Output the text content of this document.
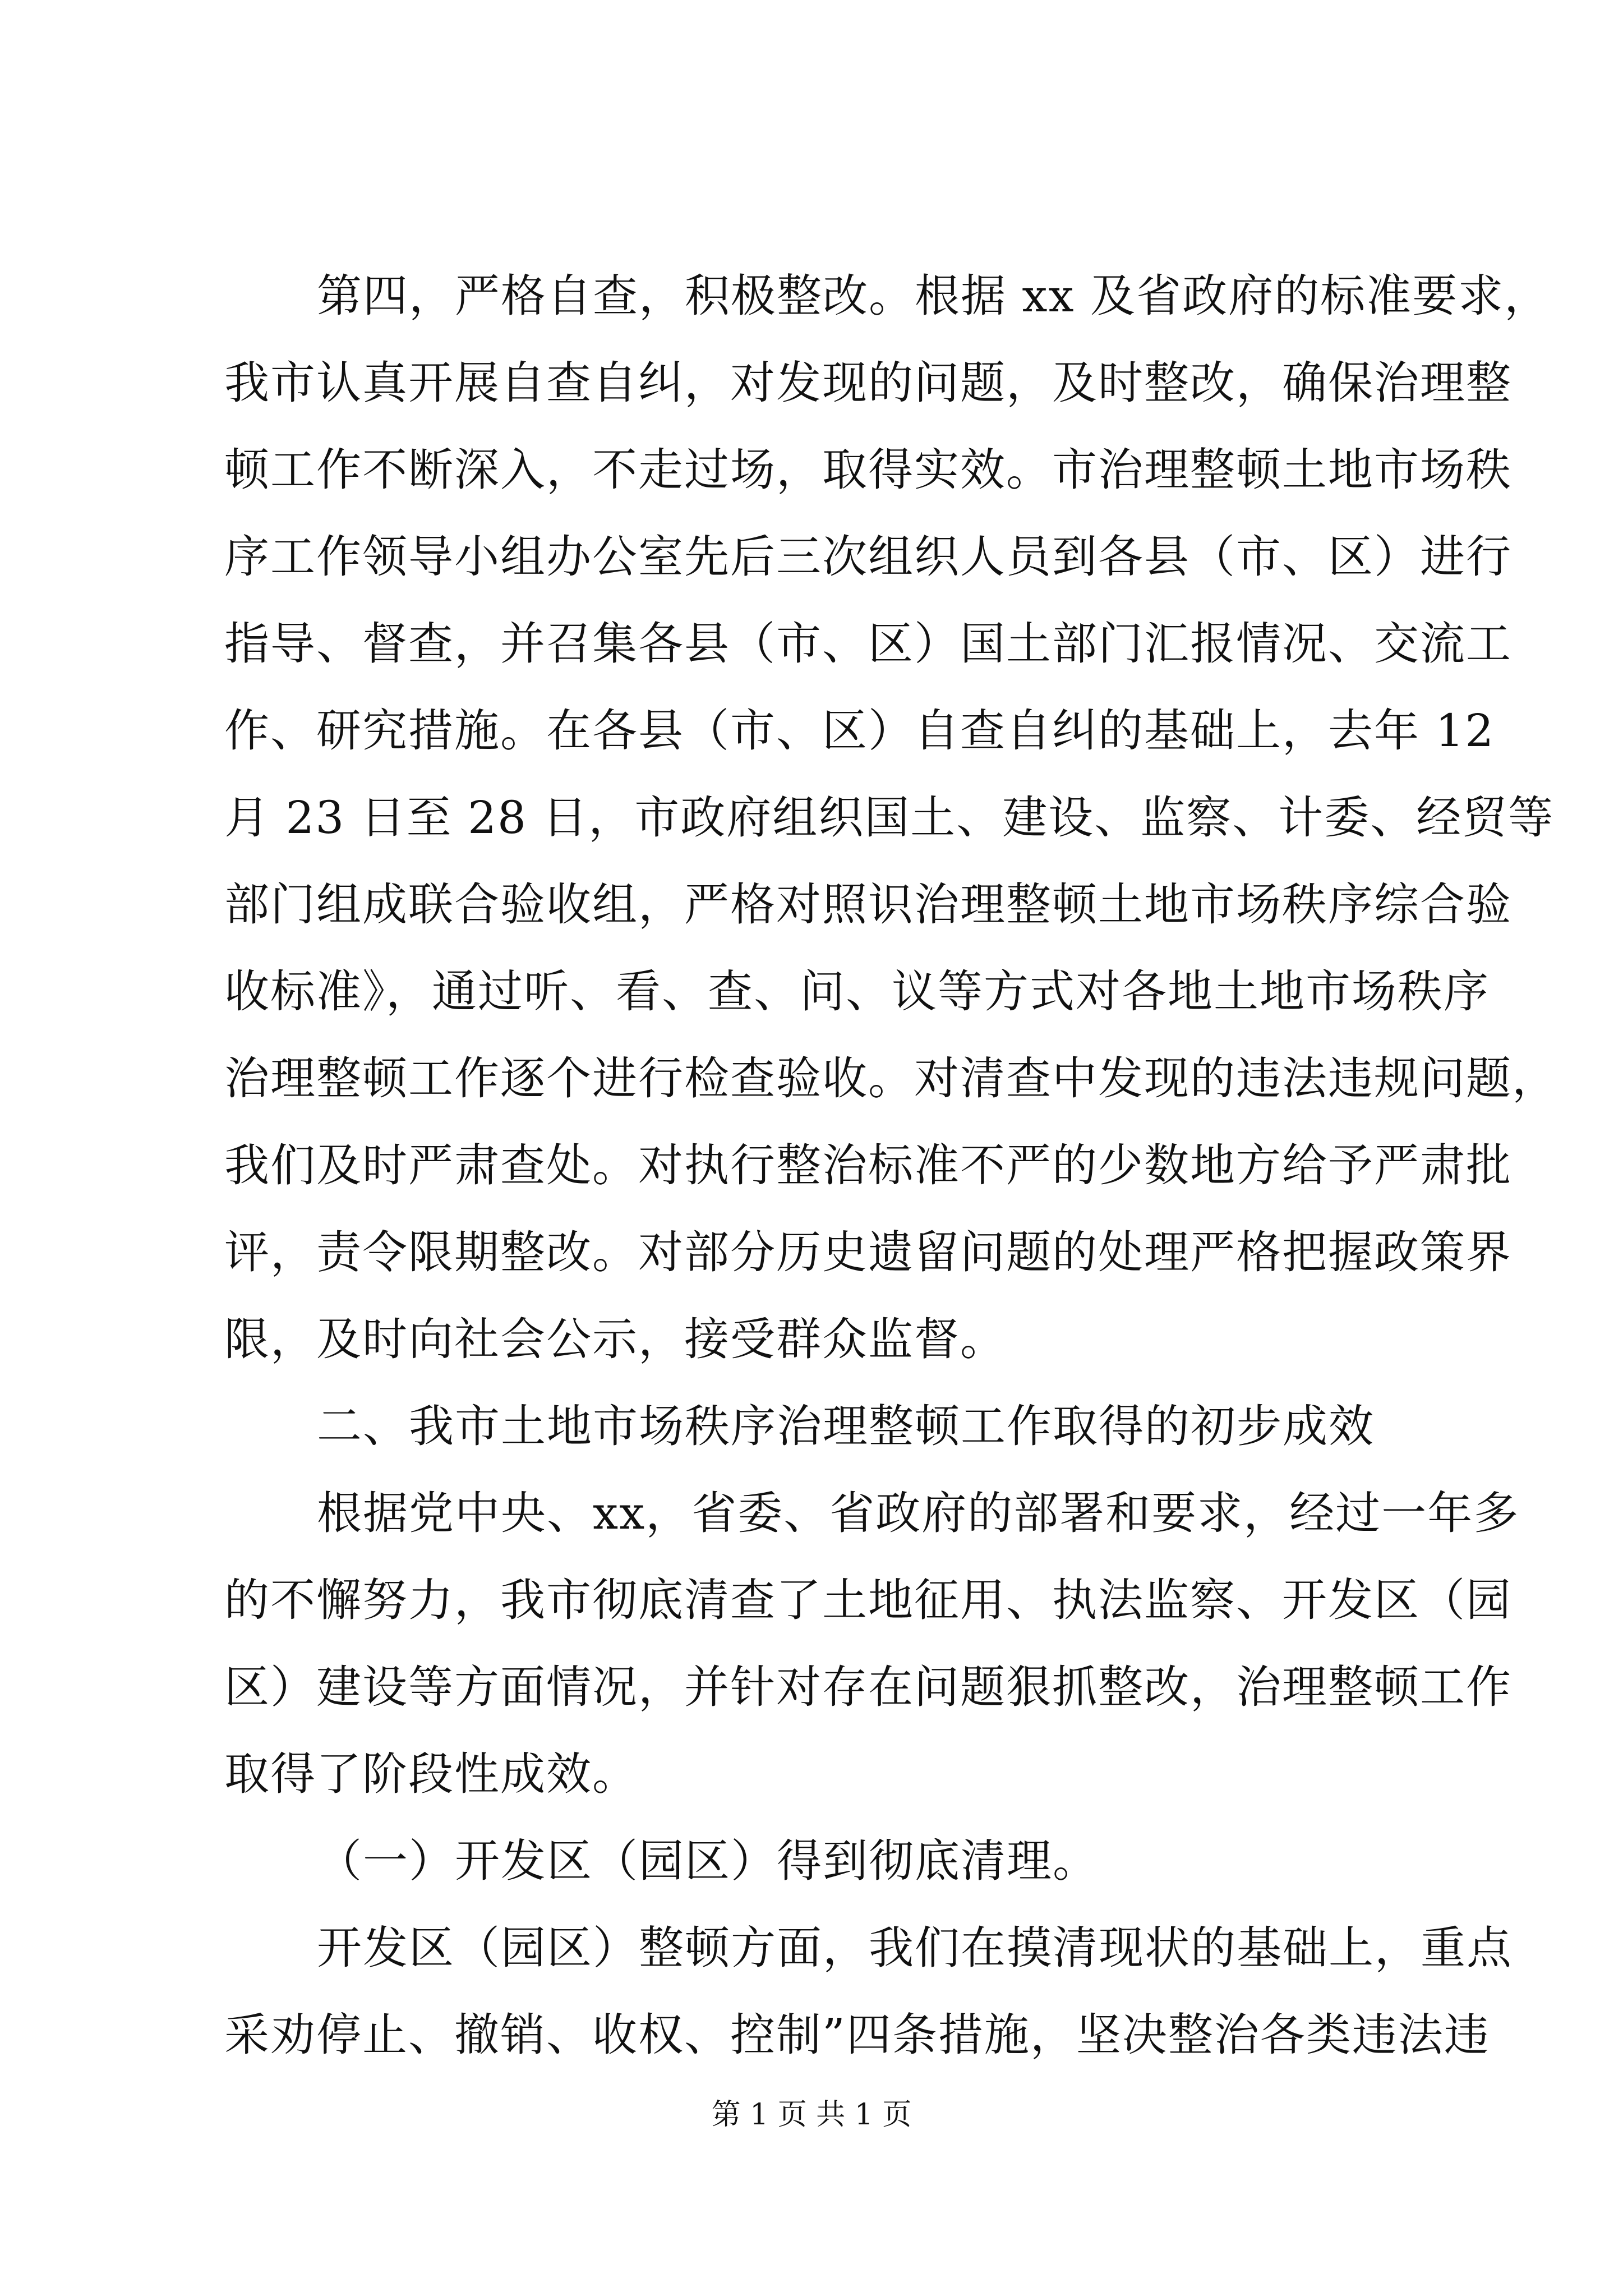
第四，严格自查，积极整改。根据 xx 及省政府的标准要求，
我市认真开展自查自纠，对发现的问题，及时整改，确保治理整
顿工作不断深入，不走过场，取得实效。市治理整顿土地市场秩
序工作领导小组办公室先后三次组织人员到各县（市、区）进行
指导、督查，并召集各县（市、区）国土部门汇报情况、交流工
作、研究措施。在各县（市、区）自查自纠的基础上，去年 12
月 23 日至 28 日，市政府组织国土、建设、监察、计委、经贸等
部门组成联合验收组，严格对照识治理整顿土地市场秩序综合验
收标准》，通过听、看、查、问、议等方式对各地土地市场秩序
治理整顿工作逐个进行检查验收。对清查中发现的违法违规问题，
我们及时严肃查处。对执行整治标准不严的少数地方给予严肃批
评，责令限期整改。对部分历史遗留问题的处理严格把握政策界
限，及时向社会公示，接受群众监督。
二、我市土地市场秩序治理整顿工作取得的初步成效
根据党中央、xx，省委、省政府的部署和要求，经过一年多
的不懈努力，我市彻底清查了土地征用、执法监察、开发区（园
区）建设等方面情况，并针对存在问题狠抓整改，治理整顿工作
取得了阶段性成效。
（一）开发区（园区）得到彻底清理。
开发区（园区）整顿方面，我们在摸清现状的基础上，重点
采劝停止、撤销、收权、控制”四条措施，坚决整治各类违法违
第 1 页 共 1 页
